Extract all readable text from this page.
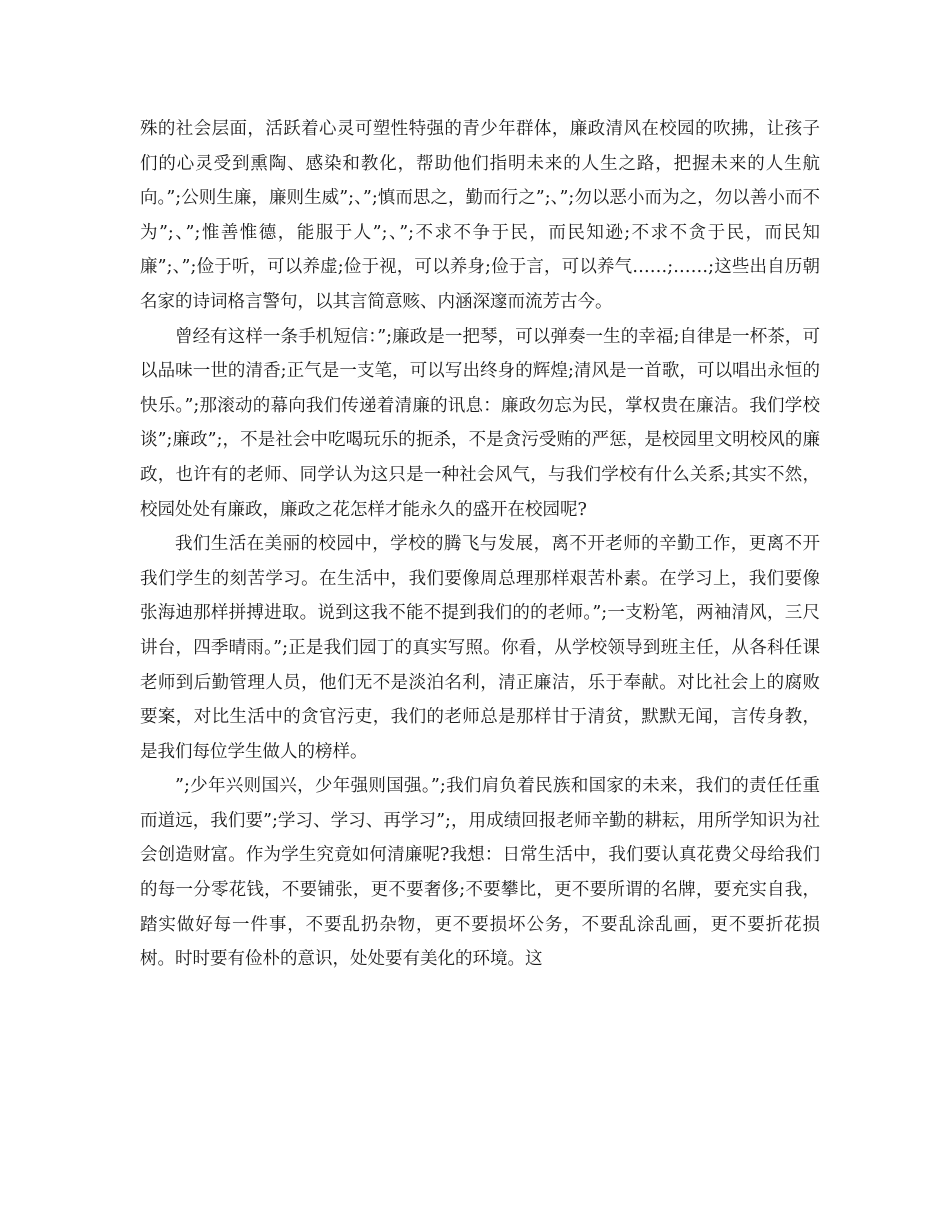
殊的社会层面，活跃着心灵可塑性特强的青少年群体，廉政清风在校园的吹拂，让孩子们的心灵受到熏陶、感染和教化，帮助他们指明未来的人生之路，把握未来的人生航向。”;公则生廉，廉则生威”;、”;慎而思之，勤而行之”;、”;勿以恶小而为之，勿以善小而不为”;、”;惟善惟德，能服于人”;、”;不求不争于民，而民知逊;不求不贪于民，而民知廉”;、”;俭于听，可以养虚;俭于视，可以养身;俭于言，可以养气……;……;这些出自历朝名家的诗词格言警句，以其言简意赅、内涵深邃而流芳古今。

曾经有这样一条手机短信：”;廉政是一把琴，可以弹奏一生的幸福;自律是一杯茶，可以品味一世的清香;正气是一支笔，可以写出终身的辉煌;清风是一首歌，可以唱出永恒的快乐。”;那滚动的幕向我们传递着清廉的讯息：廉政勿忘为民，掌权贵在廉洁。我们学校谈”;廉政”;，不是社会中吃喝玩乐的扼杀，不是贪污受贿的严惩，是校园里文明校风的廉政，也许有的老师、同学认为这只是一种社会风气，与我们学校有什么关系;其实不然，校园处处有廉政，廉政之花怎样才能永久的盛开在校园呢?

我们生活在美丽的校园中，学校的腾飞与发展，离不开老师的辛勤工作，更离不开我们学生的刻苦学习。在生活中，我们要像周总理那样艰苦朴素。在学习上，我们要像张海迪那样拼搏进取。说到这我不能不提到我们的的老师。”;一支粉笔，两袖清风，三尺讲台，四季晴雨。”;正是我们园丁的真实写照。你看，从学校领导到班主任，从各科任课老师到后勤管理人员，他们无不是淡泊名利，清正廉洁，乐于奉献。对比社会上的腐败要案，对比生活中的贪官污吏，我们的老师总是那样甘于清贫，默默无闻，言传身教，是我们每位学生做人的榜样。

”;少年兴则国兴，少年强则国强。”;我们肩负着民族和国家的未来，我们的责任任重而道远，我们要”;学习、学习、再学习”;，用成绩回报老师辛勤的耕耘，用所学知识为社会创造财富。作为学生究竟如何清廉呢?我想：日常生活中，我们要认真花费父母给我们的每一分零花钱，不要铺张，更不要奢侈;不要攀比，更不要所谓的名牌，要充实自我，踏实做好每一件事，不要乱扔杂物，更不要损坏公务，不要乱涂乱画，更不要折花损树。时时要有俭朴的意识，处处要有美化的环境。这
